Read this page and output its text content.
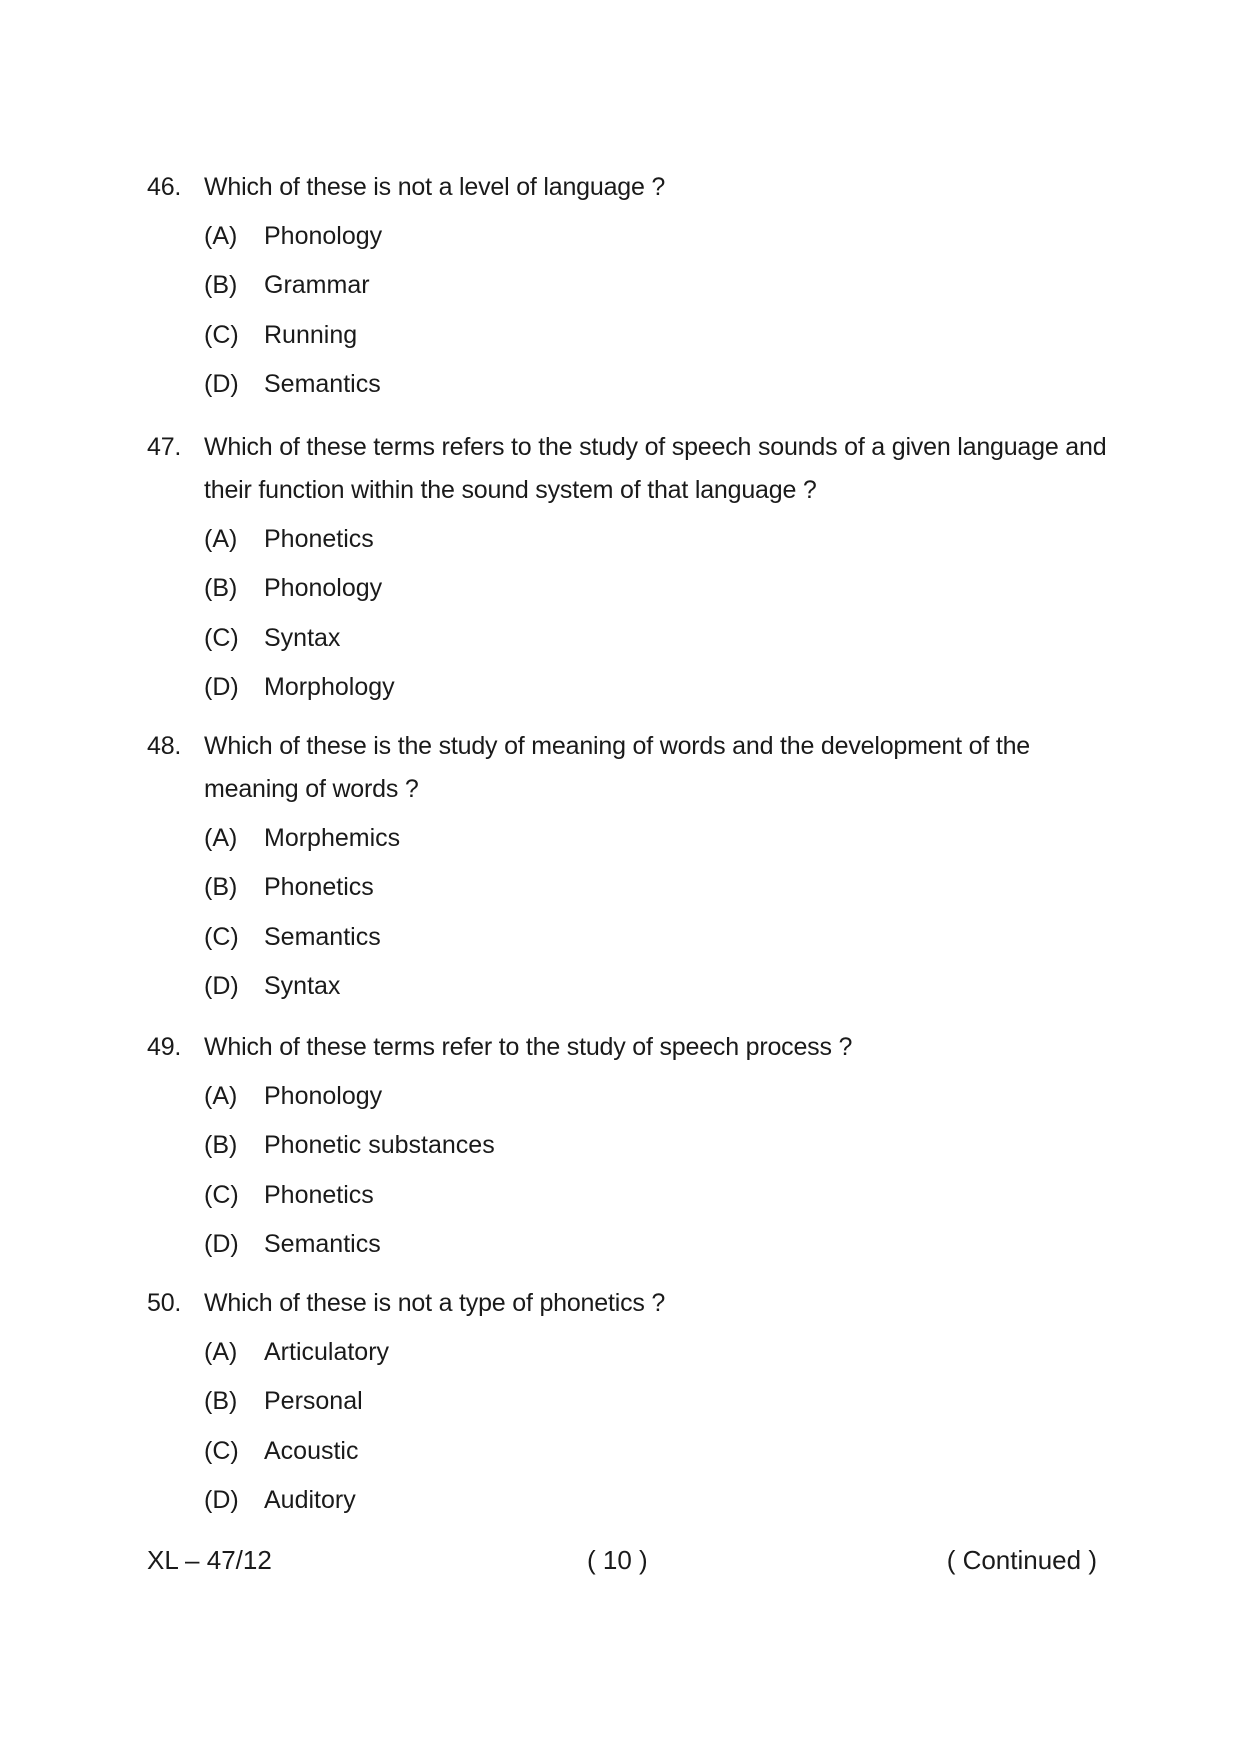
46. Which of these is not a level of language ?
(A) Phonology
(B) Grammar
(C) Running
(D) Semantics
47. Which of these terms refers to the study of speech sounds of a given language and their function within the sound system of that language ?
(A) Phonetics
(B) Phonology
(C) Syntax
(D) Morphology
48. Which of these is the study of meaning of words and the development of the meaning of words ?
(A) Morphemics
(B) Phonetics
(C) Semantics
(D) Syntax
49. Which of these terms refer to the study of speech process ?
(A) Phonology
(B) Phonetic substances
(C) Phonetics
(D) Semantics
50. Which of these is not a type of phonetics ?
(A) Articulatory
(B) Personal
(C) Acoustic
(D) Auditory
XL – 47/12	( 10 )	( Continued )
